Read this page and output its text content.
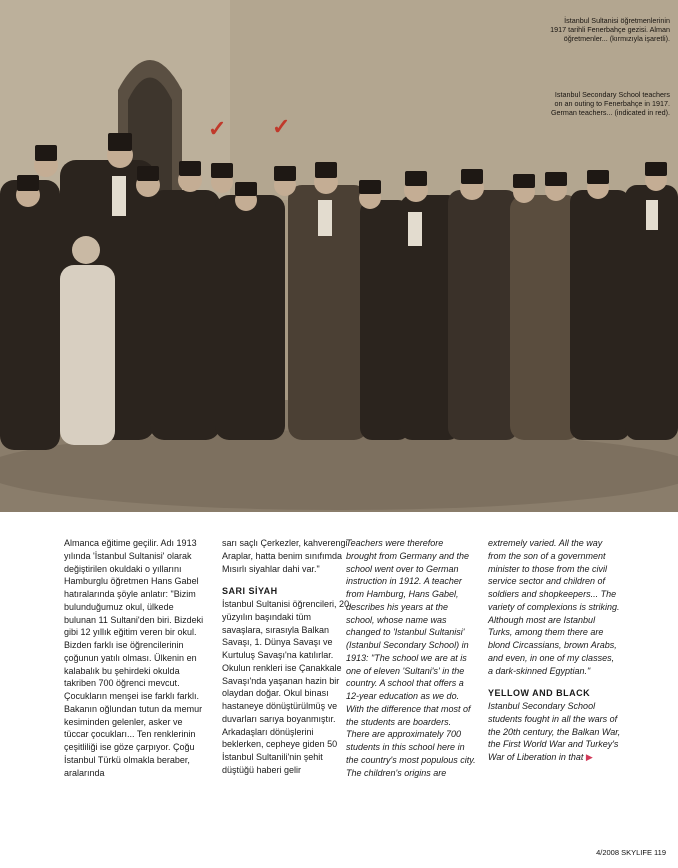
✓ ✓
İstanbul Sultanisi öğretmenlerinin 1917 tarihli Fenerbahçe gezisi. Alman öğretmenler... (kırmızıyla işaretli).
Istanbul Secondary School teachers on an outing to Fenerbahçe in 1917. German teachers... (indicated in red).

Almanca eğitime geçilir. Adı 1913 yılında 'İstanbul Sultanisi' olarak değiştirilen okuldaki o yıllarını Hamburglu öğretmen Hans Gabel hatıralarında şöyle anlatır: "Bizim bulunduğumuz okul, ülkede bulunan 11 Sultani'den biri. Bizdeki gibi 12 yıllık eğitim veren bir okul. Bizden farklı ise öğrencilerinin çoğunun yatılı olması. Ülkenin en kalabalık bu şehirdeki okulda takriben 700 öğrenci mevcut. Çocukların menşei ise farklı farklı. Bakanın oğlundan tutun da memur kesiminden gelenler, asker ve tüccar çocukları... Ten renklerinin çeşitliliği ise göze çarpıyor. Çoğu İstanbul Türkü olmakla beraber, aralarında

sarı saçlı Çerkezler, kahverengi Araplar, hatta benim sınıfımda Mısırlı siyahlar dahi var."

SARI SİYAH

İstanbul Sultanisi öğrencileri, 20. yüzyılın başındaki tüm savaşlara, sırasıyla Balkan Savaşı, 1. Dünya Savaşı ve Kurtuluş Savaşı'na katılırlar. Okulun renkleri ise Çanakkale Savaşı'nda yaşanan hazin bir olaydan doğar. Okul binası hastaneye dönüştürülmüş ve duvarları sarıya boyanmıştır. Arkadaşları dönüşlerini beklerken, cepheye giden 50 İstanbul Sultanili'nin şehit düştüğü haberi gelir

Teachers were therefore brought from Germany and the school went over to German instruction in 1912. A teacher from Hamburg, Hans Gabel, describes his years at the school, whose name was changed to 'Istanbul Sultanisi' (Istanbul Secondary School) in 1913: "The school we are at is one of eleven 'Sultani's' in the country. A school that offers a 12-year education as we do. With the difference that most of the students are boarders. There are approximately 700 students in this school here in the country's most populous city. The children's origins are

extremely varied. All the way from the son of a government minister to those from the civil service sector and children of soldiers and shopkeepers... The variety of complexions is striking. Although most are Istanbul Turks, among them there are blond Circassians, brown Arabs, and even, in one of my classes, a dark-skinned Egyptian."

YELLOW AND BLACK

Istanbul Secondary School students fought in all the wars of the 20th century, the Balkan War, the First World War and Turkey's War of Liberation in that ▶

4/2008 SKYLIFE 119
